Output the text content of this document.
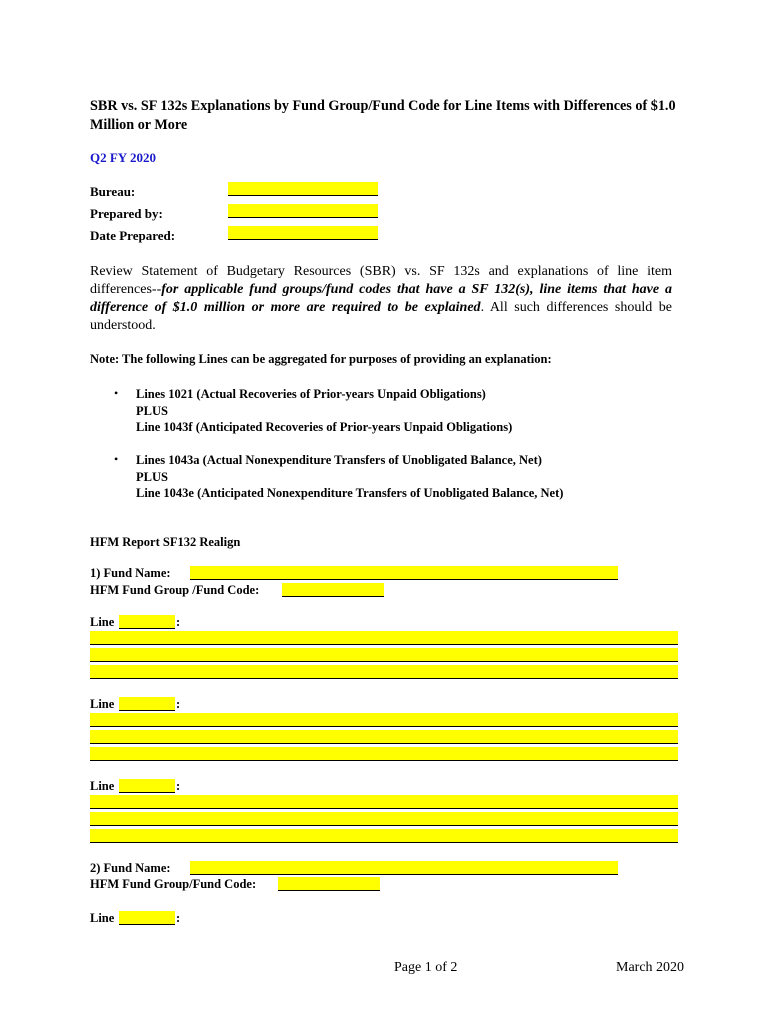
SBR vs. SF 132s Explanations by Fund Group/Fund Code for Line Items with Differences of $1.0 Million or More
Q2 FY 2020
Bureau:
Prepared by:
Date Prepared:
Review Statement of Budgetary Resources (SBR) vs. SF 132s and explanations of line item differences--for applicable fund groups/fund codes that have a SF 132(s), line items that have a difference of $1.0 million or more are required to be explained. All such differences should be understood.
Note: The following Lines can be aggregated for purposes of providing an explanation:
• Lines 1021 (Actual Recoveries of Prior-years Unpaid Obligations)
PLUS
Line 1043f (Anticipated Recoveries of Prior-years Unpaid Obligations)
• Lines 1043a (Actual Nonexpenditure Transfers of Unobligated Balance, Net)
PLUS
Line 1043e (Anticipated Nonexpenditure Transfers of Unobligated Balance, Net)
HFM Report SF132 Realign
1) Fund Name:
HFM Fund Group /Fund Code:
Line	:
Line	:
Line	:
2) Fund Name:
HFM Fund Group/Fund Code:
Line	:
Page 1 of 2	March 2020
